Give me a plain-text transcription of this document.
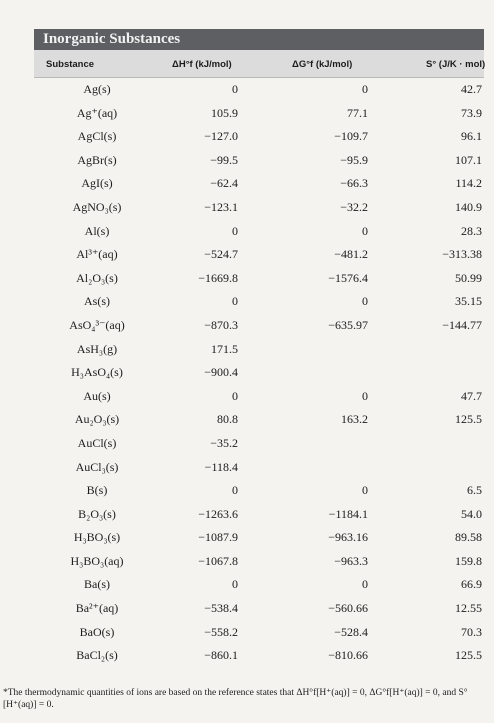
Inorganic Substances
Substance	ΔH°f (kJ/mol)	ΔG°f (kJ/mol)	S° (J/K · mol)
Ag(s)	0	0	42.7
Ag⁺(aq)	105.9	77.1	73.9
AgCl(s)	−127.0	−109.7	96.1
AgBr(s)	−99.5	−95.9	107.1
AgI(s)	−62.4	−66.3	114.2
AgNO₃(s)	−123.1	−32.2	140.9
Al(s)	0	0	28.3
Al³⁺(aq)	−524.7	−481.2	−313.38
Al₂O₃(s)	−1669.8	−1576.4	50.99
As(s)	0	0	35.15
AsO₄³⁻(aq)	−870.3	−635.97	−144.77
AsH₃(g)	171.5
H₃AsO₄(s)	−900.4
Au(s)	0	0	47.7
Au₂O₃(s)	80.8	163.2	125.5
AuCl(s)	−35.2
AuCl₃(s)	−118.4
B(s)	0	0	6.5
B₂O₃(s)	−1263.6	−1184.1	54.0
H₃BO₃(s)	−1087.9	−963.16	89.58
H₃BO₃(aq)	−1067.8	−963.3	159.8
Ba(s)	0	0	66.9
Ba²⁺(aq)	−538.4	−560.66	12.55
BaO(s)	−558.2	−528.4	70.3
BaCl₂(s)	−860.1	−810.66	125.5
*The thermodynamic quantities of ions are based on the reference states that ΔH°f[H⁺(aq)] = 0, ΔG°f[H⁺(aq)] = 0, and S°[H⁺(aq)] = 0.
